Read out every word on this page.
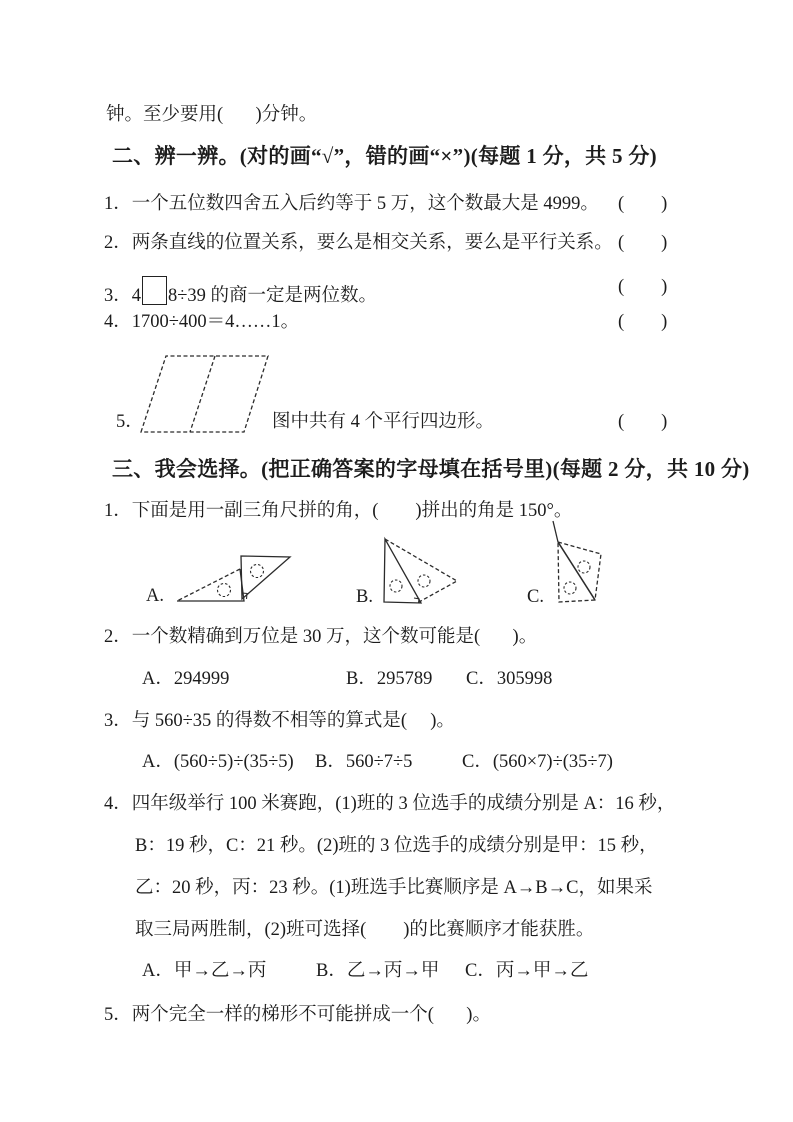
钟。至少要用(       )分钟。
二、辨一辨。(对的画“√”，错的画“×”)(每题 1 分，共 5 分)
1．一个五位数四舍五入后约等于 5 万，这个数最大是 4999。 (        )
2．两条直线的位置关系，要么是相交关系，要么是平行关系。 (        )
3．4 8÷39 的商一定是两位数。	(        )
4．1700÷400＝4……1。	(        )
5．	图中共有 4 个平行四边形。	(        )
三、我会选择。(把正确答案的字母填在括号里)(每题 2 分，共 10 分)
1．下面是用一副三角尺拼的角，(        )拼出的角是 150°。
A.	B.	C.
2．一个数精确到万位是 30 万，这个数可能是(       )。
A．294999	B．295789 C．305998
3．与 560÷35 的得数不相等的算式是(     )。
A．(560÷5)÷(35÷5) B．560÷7÷5	C．(560×7)÷(35÷7)
4．四年级举行 100 米赛跑，(1)班的 3 位选手的成绩分别是 A：16 秒，
B：19 秒，C：21 秒。(2)班的 3 位选手的成绩分别是甲：15 秒，
乙：20 秒，丙：23 秒。(1)班选手比赛顺序是 A→B→C，如果采
取三局两胜制，(2)班可选择(        )的比赛顺序才能获胜。
A．甲→乙→丙	B．乙→丙→甲 C．丙→甲→乙
5．两个完全一样的梯形不可能拼成一个(       )。
